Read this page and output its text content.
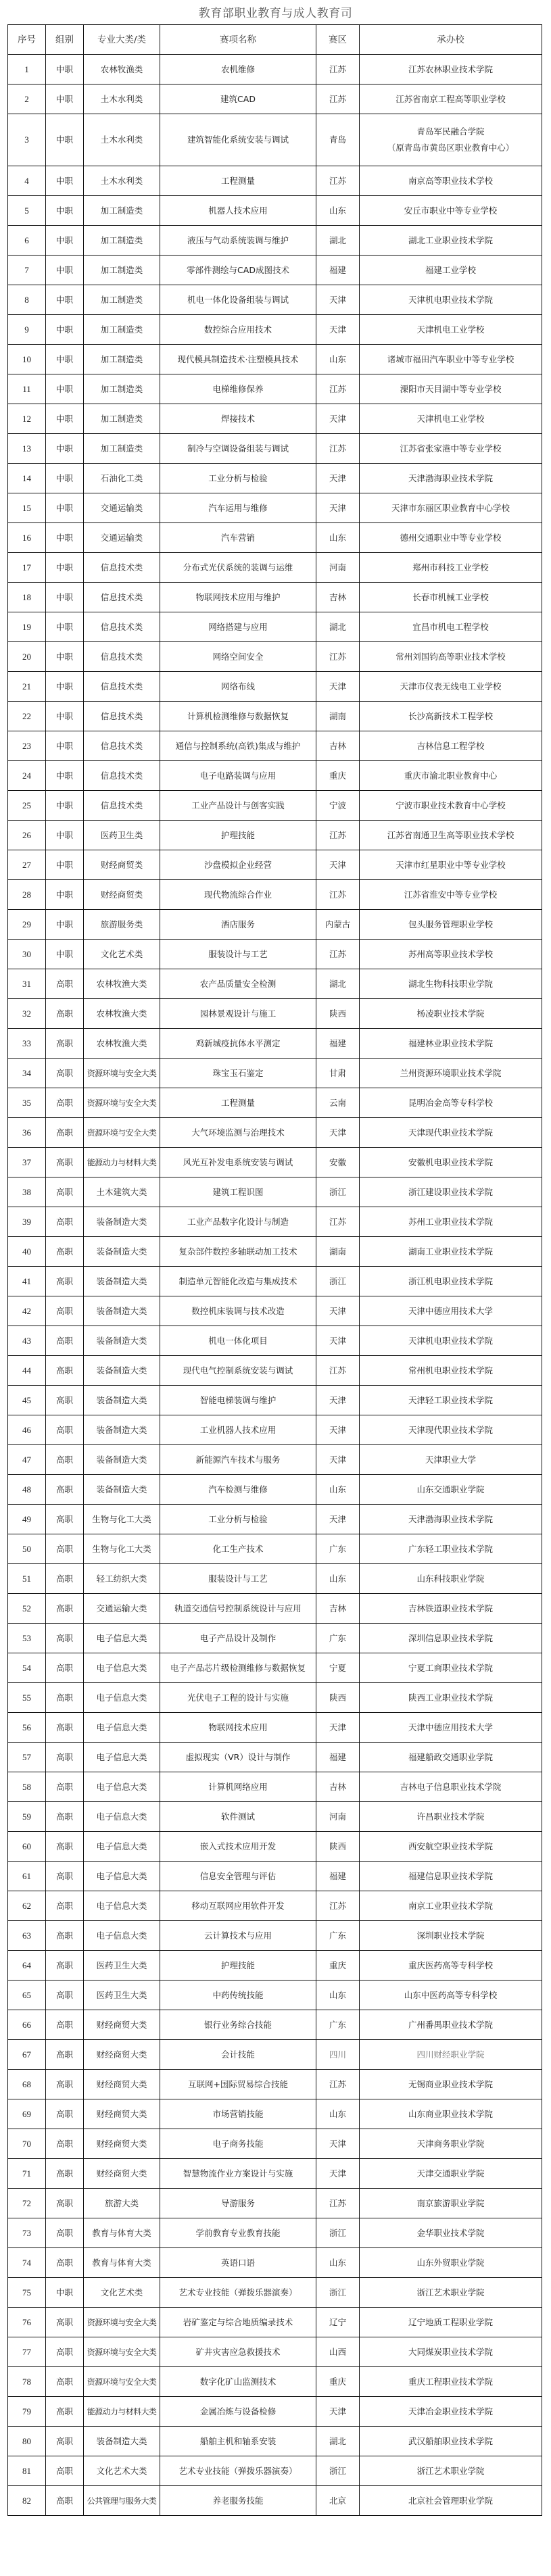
教育部职业教育与成人教育司
序号	组别	专业大类/类	赛项名称	赛区	承办校
1	中职	农林牧渔类	农机维修	江苏	江苏农林职业技术学院
2	中职	土木水利类	建筑CAD	江苏	江苏省南京工程高等职业学校
3	中职	土木水利类	建筑智能化系统安装与调试	青岛	青岛军民融合学院
（原青岛市黄岛区职业教育中心）

4	中职	土木水利类	工程测量	江苏	南京高等职业技术学校
5	中职	加工制造类	机器人技术应用	山东	安丘市职业中等专业学校
6	中职	加工制造类	液压与气动系统装调与维护	湖北	湖北工业职业技术学院
7	中职	加工制造类	零部件测绘与CAD成图技术	福建	福建工业学校
8	中职	加工制造类	机电一体化设备组装与调试	天津	天津机电职业技术学院
9	中职	加工制造类	数控综合应用技术	天津	天津机电工业学校
10	中职	加工制造类	现代模具制造技术·注塑模具技术	山东	诸城市福田汽车职业中等专业学校
11	中职	加工制造类	电梯维修保养	江苏	溧阳市天目湖中等专业学校
12	中职	加工制造类	焊接技术	天津	天津机电工业学校
13	中职	加工制造类	制冷与空调设备组装与调试	江苏	江苏省张家港中等专业学校
14	中职	石油化工类	工业分析与检验	天津	天津渤海职业技术学院
15	中职	交通运输类	汽车运用与维修	天津	天津市东丽区职业教育中心学校
16	中职	交通运输类	汽车营销	山东	德州交通职业中等专业学校
17	中职	信息技术类	分布式光伏系统的装调与运维	河南	郑州市科技工业学校
18	中职	信息技术类	物联网技术应用与维护	吉林	长春市机械工业学校
19	中职	信息技术类	网络搭建与应用	湖北	宜昌市机电工程学校
20	中职	信息技术类	网络空间安全	江苏	常州刘国钧高等职业技术学校
21	中职	信息技术类	网络布线	天津	天津市仪表无线电工业学校
22	中职	信息技术类	计算机检测维修与数据恢复	湖南	长沙高新技术工程学校
23	中职	信息技术类	通信与控制系统(高铁)集成与维护	吉林	吉林信息工程学校
24	中职	信息技术类	电子电路装调与应用	重庆	重庆市渝北职业教育中心
25	中职	信息技术类	工业产品设计与创客实践	宁波	宁波市职业技术教育中心学校
26	中职	医药卫生类	护理技能	江苏	江苏省南通卫生高等职业技术学校
27	中职	财经商贸类	沙盘模拟企业经营	天津	天津市红星职业中等专业学校
28	中职	财经商贸类	现代物流综合作业	江苏	江苏省淮安中等专业学校
29	中职	旅游服务类	酒店服务	内蒙古	包头服务管理职业学校
30	中职	文化艺术类	服装设计与工艺	江苏	苏州高等职业技术学校
31	高职	农林牧渔大类	农产品质量安全检测	湖北	湖北生物科技职业学院
32	高职	农林牧渔大类	园林景观设计与施工	陕西	杨凌职业技术学院
33	高职	农林牧渔大类	鸡新城疫抗体水平测定	福建	福建林业职业技术学院
34	高职	资源环境与安全大类	珠宝玉石鉴定	甘肃	兰州资源环境职业技术学院
35	高职	资源环境与安全大类	工程测量	云南	昆明冶金高等专科学校
36	高职	资源环境与安全大类	大气环境监测与治理技术	天津	天津现代职业技术学院
37	高职	能源动力与材料大类	风光互补发电系统安装与调试	安徽	安徽机电职业技术学院
38	高职	土木建筑大类	建筑工程识图	浙江	浙江建设职业技术学院
39	高职	装备制造大类	工业产品数字化设计与制造	江苏	苏州工业职业技术学院
40	高职	装备制造大类	复杂部件数控多轴联动加工技术	湖南	湖南工业职业技术学院
41	高职	装备制造大类	制造单元智能化改造与集成技术	浙江	浙江机电职业技术学院
42	高职	装备制造大类	数控机床装调与技术改造	天津	天津中德应用技术大学
43	高职	装备制造大类	机电一体化项目	天津	天津机电职业技术学院
44	高职	装备制造大类	现代电气控制系统安装与调试	江苏	常州机电职业技术学院
45	高职	装备制造大类	智能电梯装调与维护	天津	天津轻工职业技术学院
46	高职	装备制造大类	工业机器人技术应用	天津	天津现代职业技术学院
47	高职	装备制造大类	新能源汽车技术与服务	天津	天津职业大学
48	高职	装备制造大类	汽车检测与维修	山东	山东交通职业学院
49	高职	生物与化工大类	工业分析与检验	天津	天津渤海职业技术学院
50	高职	生物与化工大类	化工生产技术	广东	广东轻工职业技术学院
51	高职	轻工纺织大类	服装设计与工艺	山东	山东科技职业学院
52	高职	交通运输大类	轨道交通信号控制系统设计与应用	吉林	吉林铁道职业技术学院
53	高职	电子信息大类	电子产品设计及制作	广东	深圳信息职业技术学院
54	高职	电子信息大类	电子产品芯片级检测维修与数据恢复	宁夏	宁夏工商职业技术学院
55	高职	电子信息大类	光伏电子工程的设计与实施	陕西	陕西工业职业技术学院
56	高职	电子信息大类	物联网技术应用	天津	天津中德应用技术大学
57	高职	电子信息大类	虚拟现实（VR）设计与制作	福建	福建船政交通职业学院
58	高职	电子信息大类	计算机网络应用	吉林	吉林电子信息职业技术学院
59	高职	电子信息大类	软件测试	河南	许昌职业技术学院
60	高职	电子信息大类	嵌入式技术应用开发	陕西	西安航空职业技术学院
61	高职	电子信息大类	信息安全管理与评估	福建	福建信息职业技术学院
62	高职	电子信息大类	移动互联网应用软件开发	江苏	南京工业职业技术学院
63	高职	电子信息大类	云计算技术与应用	广东	深圳职业技术学院
64	高职	医药卫生大类	护理技能	重庆	重庆医药高等专科学校
65	高职	医药卫生大类	中药传统技能	山东	山东中医药高等专科学校
66	高职	财经商贸大类	银行业务综合技能	广东	广州番禺职业技术学院
67	高职	财经商贸大类	会计技能	四川	四川财经职业学院
68	高职	财经商贸大类	互联网+国际贸易综合技能	江苏	无锡商业职业技术学院
69	高职	财经商贸大类	市场营销技能	山东	山东商业职业技术学院
70	高职	财经商贸大类	电子商务技能	天津	天津商务职业学院
71	高职	财经商贸大类	智慧物流作业方案设计与实施	天津	天津交通职业学院
72	高职	旅游大类	导游服务	江苏	南京旅游职业学院
73	高职	教育与体育大类	学前教育专业教育技能	浙江	金华职业技术学院
74	高职	教育与体育大类	英语口语	山东	山东外贸职业学院
75	中职	文化艺术类	艺术专业技能（弹拨乐器演奏）	浙江	浙江艺术职业学院
76	高职	资源环境与安全大类	岩矿鉴定与综合地质编录技术	辽宁	辽宁地质工程职业学院
77	高职	资源环境与安全大类	矿井灾害应急救援技术	山西	大同煤炭职业技术学院
78	高职	资源环境与安全大类	数字化矿山监测技术	重庆	重庆工程职业技术学院
79	高职	能源动力与材料大类	金属冶炼与设备检修	天津	天津冶金职业技术学院
80	高职	装备制造大类	船舶主机和轴系安装	湖北	武汉船舶职业技术学院
81	高职	文化艺术大类	艺术专业技能（弹拨乐器演奏）	浙江	浙江艺术职业学院
82	高职	公共管理与服务大类	养老服务技能	北京	北京社会管理职业学院
